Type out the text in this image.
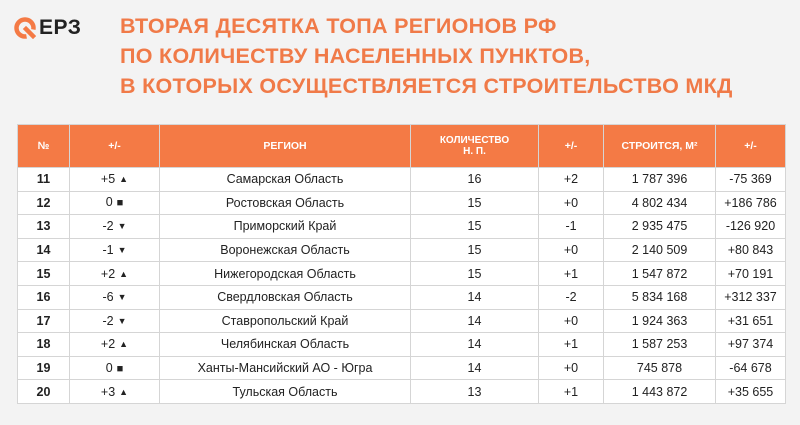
ЕРЗ ВТОРАЯ ДЕСЯТКА ТОПА РЕГИОНОВ РФ
ПО КОЛИЧЕСТВУ НАСЕЛЕННЫХ ПУНКТОВ,
В КОТОРЫХ ОСУЩЕСТВЛЯЕТСЯ СТРОИТЕЛЬСТВО МКД
№	+/-	РЕГИОН	КОЛИЧЕСТВО
Н. П.	+/-	СТРОИТСЯ, М²	+/-
11	+5 ▲	Самарская Область	16	+2	1 787 396	-75 369
12	0 ■	Ростовская Область	15	+0	4 802 434	+186 786
13	-2 ▼	Приморский Край	15	-1	2 935 475	-126 920
14	-1 ▼	Воронежская Область	15	+0	2 140 509	+80 843
15	+2 ▲	Нижегородская Область	15	+1	1 547 872	+70 191
16	-6 ▼	Свердловская Область	14	-2	5 834 168	+312 337
17	-2 ▼	Ставропольский Край	14	+0	1 924 363	+31 651
18	+2 ▲	Челябинская Область	14	+1	1 587 253	+97 374
19	0 ■	Ханты-Мансийский АО - Югра	14	+0	745 878	-64 678
20	+3 ▲	Тульская Область	13	+1	1 443 872	+35 655
